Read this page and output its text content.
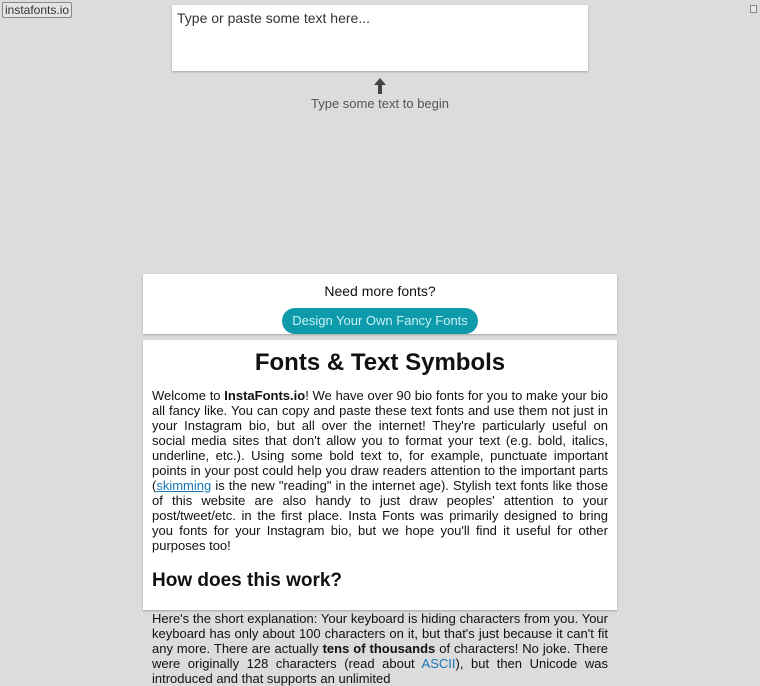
instafonts.io
Type or paste some text here...
Type some text to begin
Need more fonts?
Design Your Own Fancy Fonts
Fonts & Text Symbols

Welcome to InstaFonts.io! We have over 90 bio fonts for you to make your bio all fancy like. You can copy and paste these text fonts and use them not just in your Instagram bio, but all over the internet! They're particularly useful on social media sites that don't allow you to format your text (e.g. bold, italics, underline, etc.). Using some bold text to, for example, punctuate important points in your post could help you draw readers attention to the important parts (skimming is the new "reading" in the internet age). Stylish text fonts like those of this website are also handy to just draw peoples' attention to your post/tweet/etc. in the first place. Insta Fonts was primarily designed to bring you fonts for your Instagram bio, but we hope you'll find it useful for other purposes too!

How does this work?

Here's the short explanation: Your keyboard is hiding characters from you. Your keyboard has only about 100 characters on it, but that's just because it can't fit any more. There are actually tens of thousands of characters! No joke. There were originally 128 characters (read about ASCII), but then Unicode was introduced and that supports an unlimited
